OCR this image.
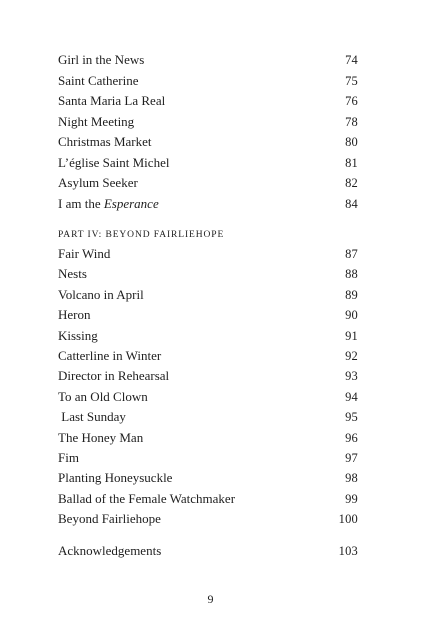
Girl in the News	74
Saint Catherine	75
Santa Maria La Real	76
Night Meeting	78
Christmas Market	80
L’église Saint Michel	81
Asylum Seeker	82
I am the Esperance	84
PART IV: BEYOND FAIRLIEHOPE
Fair Wind	87
Nests	88
Volcano in April	89
Heron	90
Kissing	91
Catterline in Winter	92
Director in Rehearsal	93
To an Old Clown	94
Last Sunday	95
The Honey Man	96
Fim	97
Planting Honeysuckle	98
Ballad of the Female Watchmaker	99
Beyond Fairliehope	100
Acknowledgements	103
9
